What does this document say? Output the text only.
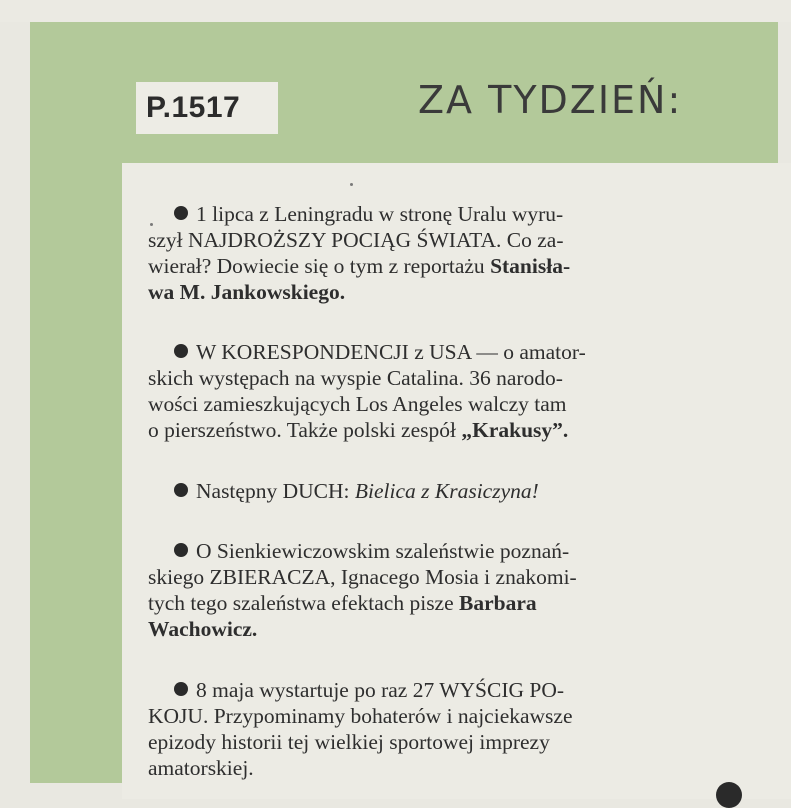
P.1517	ZA TYDZIEŃ:
1 lipca z Leningradu w stronę Uralu wyru-
szył NAJDROŻSZY POCIĄG ŚWIATA. Co za-
wierał? Dowiecie się o tym z reportażu Stanisła-
wa M. Jankowskiego.
W KORESPONDENCJI z USA — o amator-
skich występach na wyspie Catalina. 36 narodo-
wości zamieszkujących Los Angeles walczy tam
o pierszeństwo. Także polski zespół „Krakusy”.
Następny DUCH: Bielica z Krasiczyna!
O Sienkiewiczowskim szaleństwie poznań-
skiego ZBIERACZA, Ignacego Mosia i znakomi-
tych tego szaleństwa efektach pisze Barbara
Wachowicz.
8 maja wystartuje po raz 27 WYŚCIG PO-
KOJU. Przypominamy bohaterów i najciekawsze
epizody historii tej wielkiej sportowej imprezy
amatorskiej.
